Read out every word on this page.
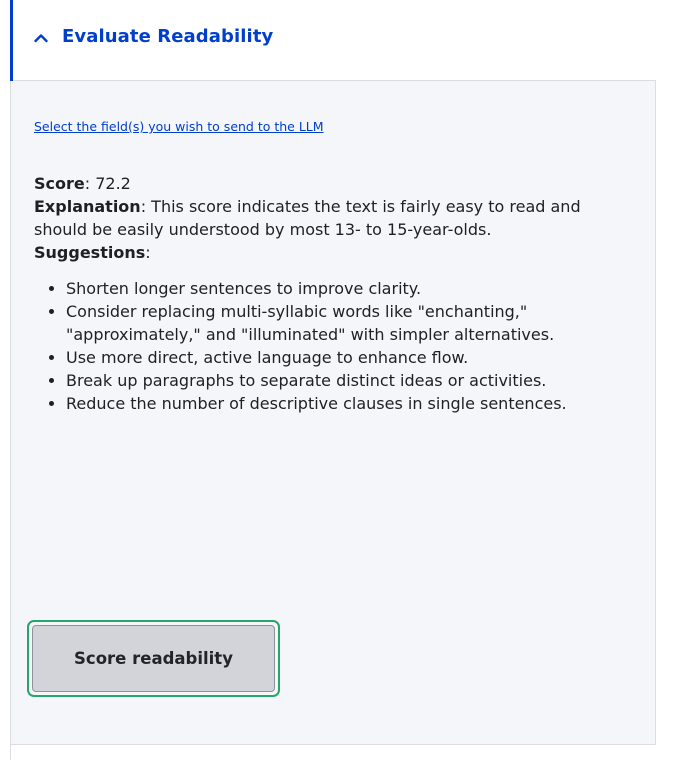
Evaluate Readability
Select the field(s) you wish to send to the LLM

Score: 72.2

Explanation: This score indicates the text is fairly easy to read and should be easily understood by most 13- to 15-year-olds.

Suggestions:

• Shorten longer sentences to improve clarity.
• Consider replacing multi-syllabic words like "enchanting," "approximately," and "illuminated" with simpler alternatives.
• Use more direct, active language to enhance flow.
• Break up paragraphs to separate distinct ideas or activities.
• Reduce the number of descriptive clauses in single sentences.
Score readability
